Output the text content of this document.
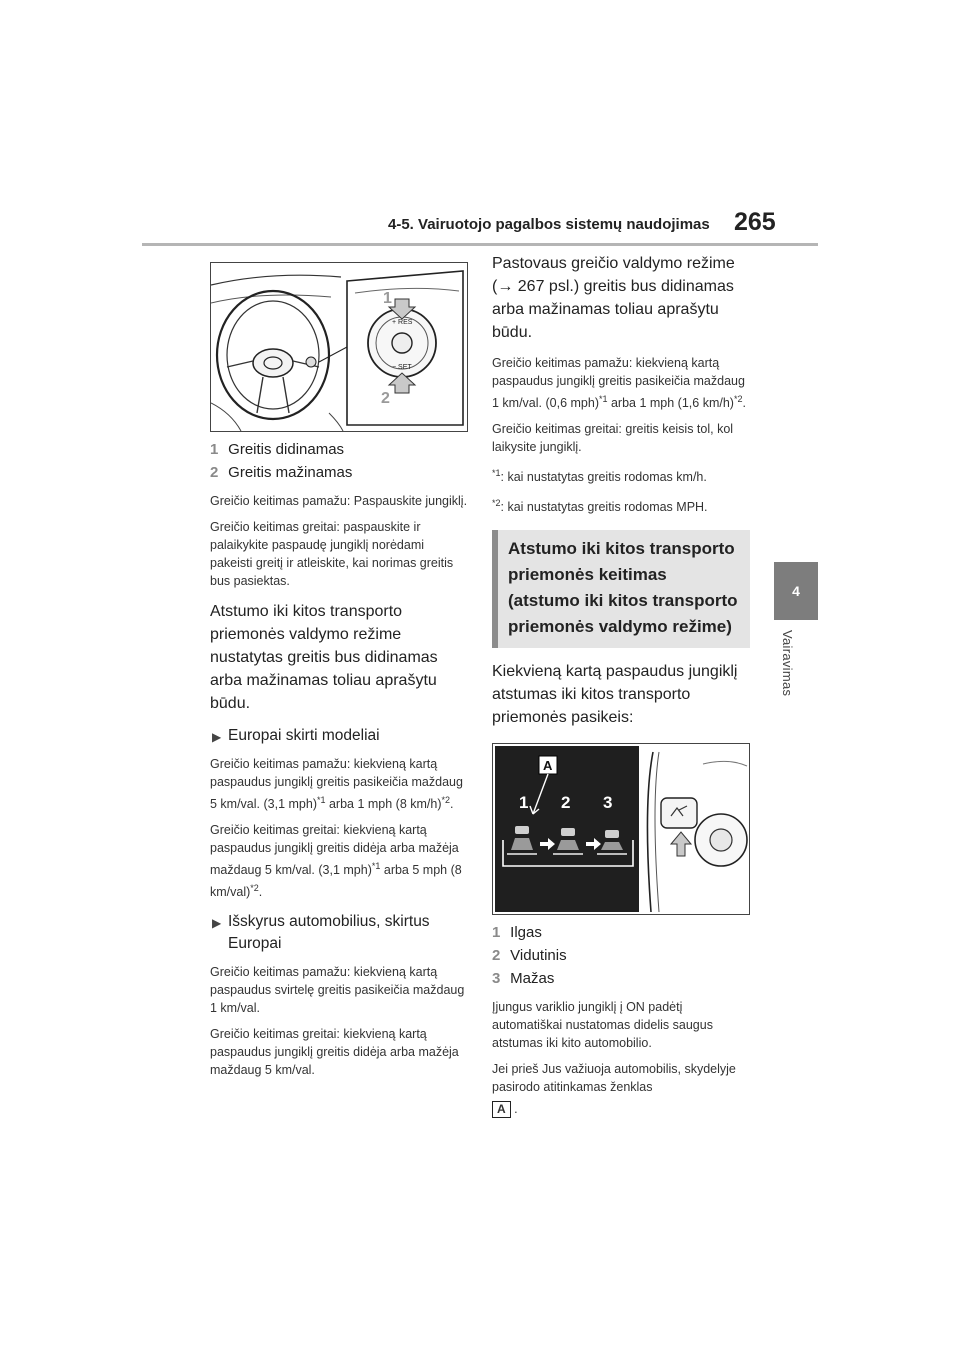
4-5. Vairuotojo pagalbos sistemų naudojimas 265
4
Vairavimas
+ RES
− SET
1
2
1 Greitis didinamas
2 Greitis mažinamas

Greičio keitimas pamažu: Paspauskite jungiklį.

Greičio keitimas greitai: paspauskite ir palaikykite paspaudę jungiklį norėdami pakeisti greitį ir atleiskite, kai norimas greitis bus pasiektas.

Atstumo iki kitos transporto priemonės valdymo režime nustatytas greitis bus didinamas arba mažinamas toliau aprašytu būdu.

▶ Europai skirti modeliai

Greičio keitimas pamažu: kiekvieną kartą paspaudus jungiklį greitis pasikeičia maždaug 5 km/val. (3,1 mph)$^{*1}$ arba 1 mph (8 km/h)$^{*2}$.

Greičio keitimas greitai: kiekvieną kartą paspaudus jungiklį greitis didėja arba mažėja maždaug 5 km/val. (3,1 mph)$^{*1}$ arba 5 mph (8 km/val)$^{*2}$.

▶ Išskyrus automobilius, skirtus Europai

Greičio keitimas pamažu: kiekvieną kartą paspaudus svirtelę greitis pasikeičia maždaug 1 km/val.

Greičio keitimas greitai: kiekvieną kartą paspaudus jungiklį greitis didėja arba mažėja maždaug 5 km/val.

Pastovaus greičio valdymo režime (→ 267 psl.) greitis bus didinamas arba mažinamas toliau aprašytu būdu.

Greičio keitimas pamažu: kiekvieną kartą paspaudus jungiklį greitis pasikeičia maždaug 1 km/val. (0,6 mph)$^{*1}$ arba 1 mph (1,6 km/h)$^{*2}$.

Greičio keitimas greitai: greitis keisis tol, kol laikysite jungiklį.

$^{*1}$: kai nustatytas greitis rodomas km/h.

$^{*2}$: kai nustatytas greitis rodomas MPH.

Atstumo iki kitos transporto priemonės keitimas (atstumo iki kitos transporto priemonės valdymo režime)

Kiekvieną kartą paspaudus jungiklį atstumas iki kitos transporto priemonės pasikeis:

A
1 2 3
1 Ilgas
2 Vidutinis
3 Mažas

Įjungus variklio jungiklį į ON padėtį automatiškai nustatomas didelis saugus atstumas iki kito automobilio.

Jei prieš Jus važiuoja automobilis, skydelyje pasirodo atitinkamas ženklas

A .
